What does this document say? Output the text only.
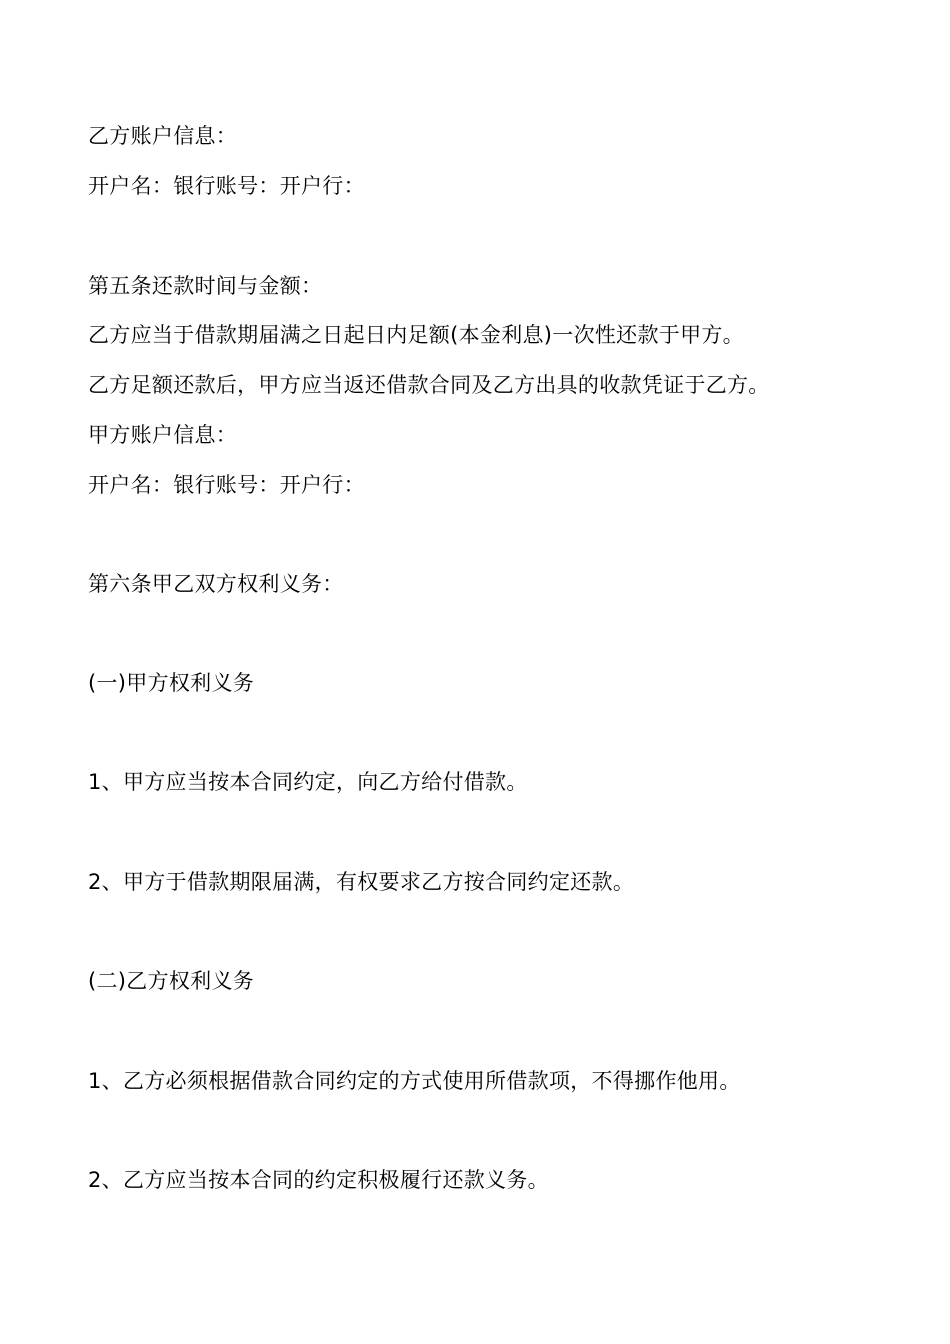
乙方账户信息：
开户名：银行账号：开户行：
第五条还款时间与金额：
乙方应当于借款期届满之日起日内足额(本金利息)一次性还款于甲方。
乙方足额还款后，甲方应当返还借款合同及乙方出具的收款凭证于乙方。
甲方账户信息：
开户名：银行账号：开户行：
第六条甲乙双方权利义务：
(一)甲方权利义务
1、甲方应当按本合同约定，向乙方给付借款。
2、甲方于借款期限届满，有权要求乙方按合同约定还款。
(二)乙方权利义务
1、乙方必须根据借款合同约定的方式使用所借款项，不得挪作他用。
2、乙方应当按本合同的约定积极履行还款义务。
